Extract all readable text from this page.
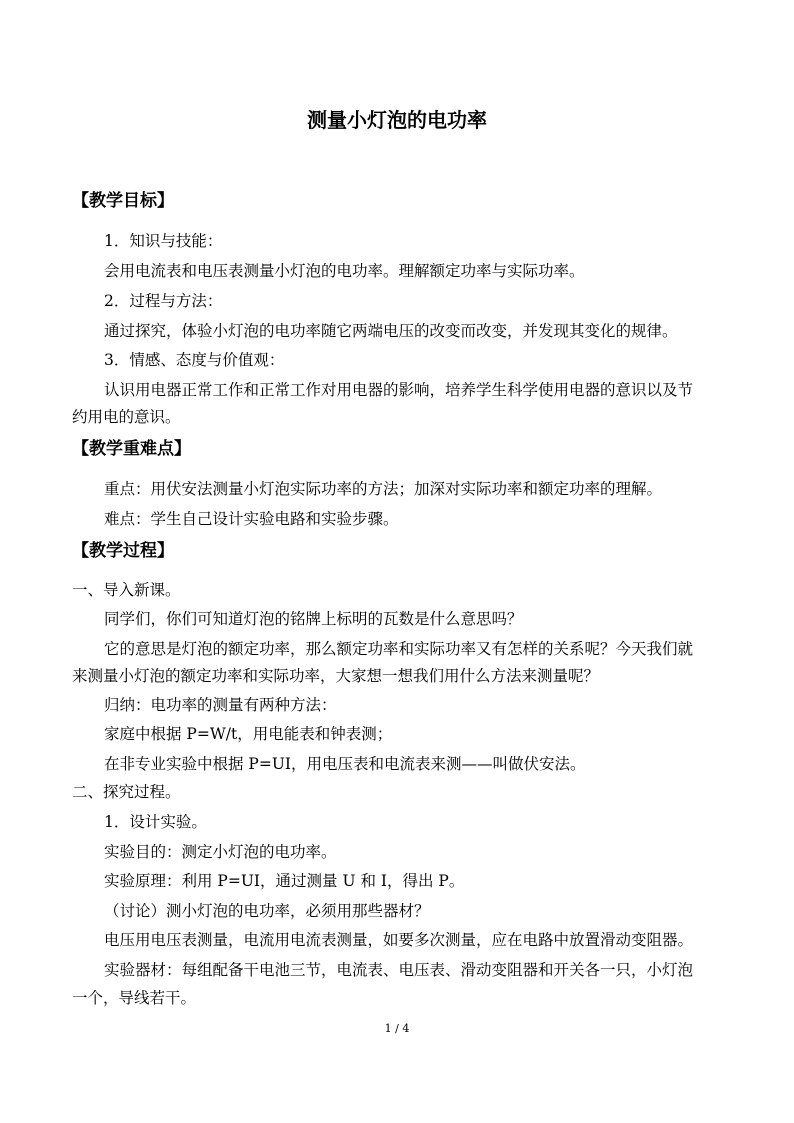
测量小灯泡的电功率
【教学目标】
1．知识与技能：
会用电流表和电压表测量小灯泡的电功率。理解额定功率与实际功率。
2．过程与方法：
通过探究，体验小灯泡的电功率随它两端电压的改变而改变，并发现其变化的规律。
3．情感、态度与价值观：
认识用电器正常工作和正常工作对用电器的影响，培养学生科学使用电器的意识以及节
约用电的意识。
【教学重难点】
重点：用伏安法测量小灯泡实际功率的方法；加深对实际功率和额定功率的理解。
难点：学生自己设计实验电路和实验步骤。
【教学过程】
一、导入新课。
同学们，你们可知道灯泡的铭牌上标明的瓦数是什么意思吗？
它的意思是灯泡的额定功率，那么额定功率和实际功率又有怎样的关系呢？今天我们就
来测量小灯泡的额定功率和实际功率，大家想一想我们用什么方法来测量呢？
归纳：电功率的测量有两种方法：
家庭中根据 P=W/t，用电能表和钟表测；
在非专业实验中根据 P=UI，用电压表和电流表来测——叫做伏安法。
二、探究过程。
1．设计实验。
实验目的：测定小灯泡的电功率。
实验原理：利用 P=UI，通过测量 U 和 I，得出 P。
（讨论）测小灯泡的电功率，必须用那些器材？
电压用电压表测量，电流用电流表测量，如要多次测量，应在电路中放置滑动变阻器。
实验器材：每组配备干电池三节，电流表、电压表、滑动变阻器和开关各一只，小灯泡
一个，导线若干。
1 / 4
